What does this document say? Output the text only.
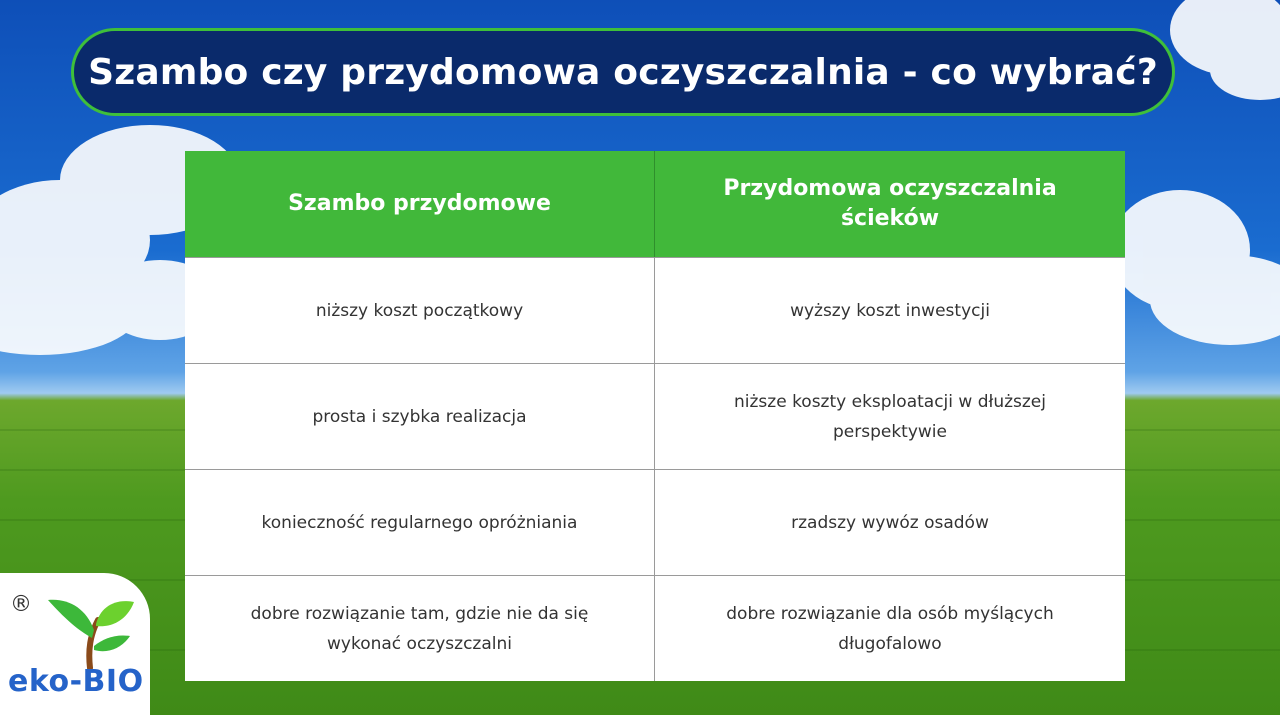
Szambo czy przydomowa oczyszczalnia - co wybrać?
Szambo przydomowe
Przydomowa oczyszczalnia ścieków
niższy koszt początkowy	wyższy koszt inwestycji
prosta i szybka realizacja
niższe koszty eksploatacji w dłuższej perspektywie
konieczność regularnego opróżniania	rzadszy wywóz osadów
dobre rozwiązanie tam, gdzie nie da się wykonać oczyszczalni
dobre rozwiązanie dla osób myślących długofalowo
®
eko-BIO
